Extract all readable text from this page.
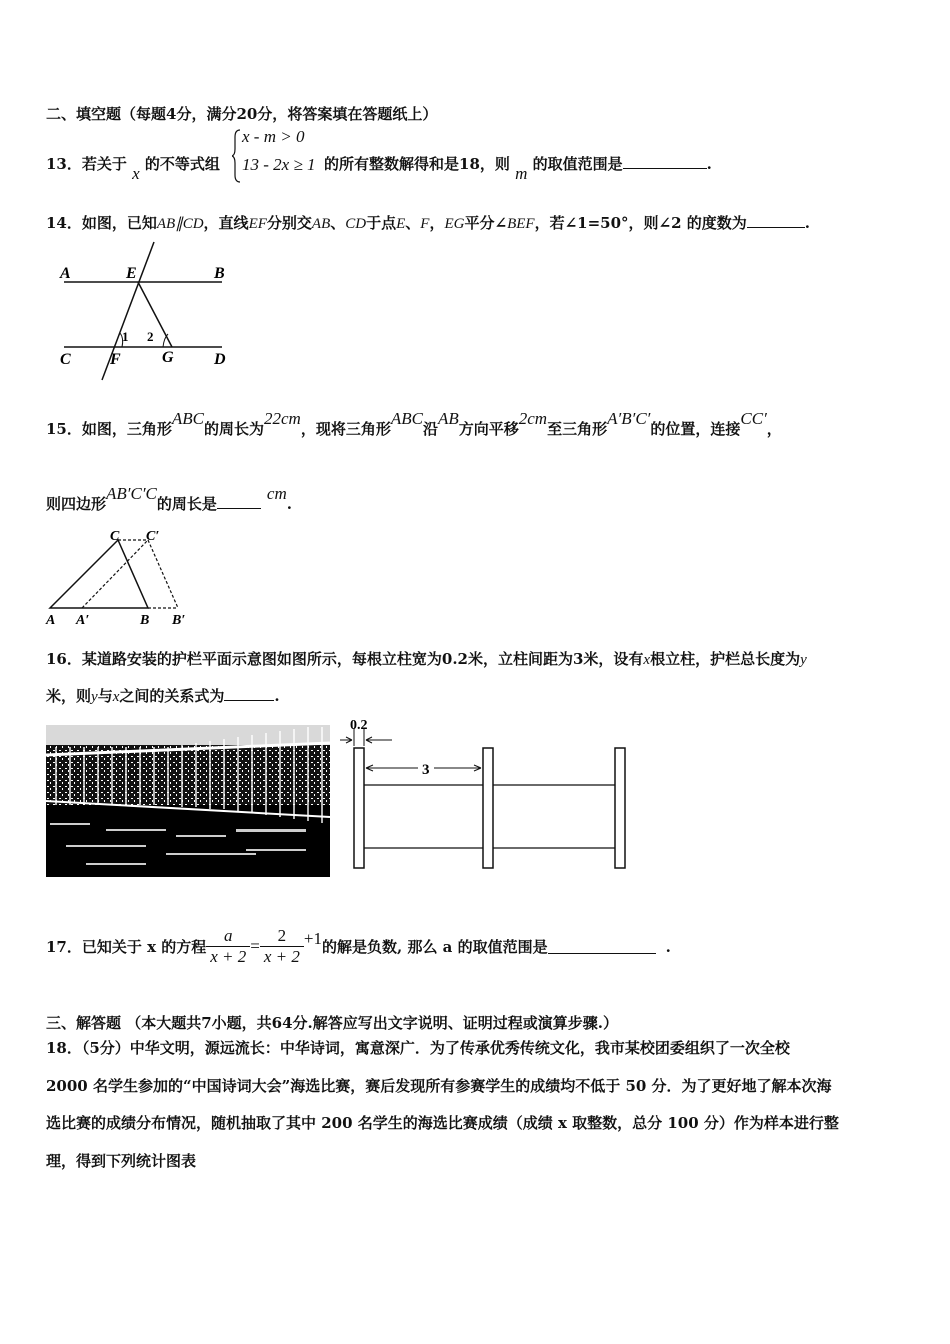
二、填空题（每题4分，满分20分，将答案填在答题纸上）
13．若关于 x 的不等式组
x - m > 0
13 - 2x ≥ 1 的所有整数解得和是18，则 m 的取值范围是	.
14．如图，已知AB∥CD，直线EF分别交AB、CD于点E、F，EG平分∠BEF，若∠1=50°，则∠2 的度数为	.
A	E	B
C F	G	D
1 2
15．如图，三角形ABC的周长为22cm，现将三角形ABC沿AB方向平移2cm至三角形A′B′C′的位置，连接CC′，
则四边形AB′C′C的周长是cm.
C C′
A A′	B B′
16．某道路安装的护栏平面示意图如图所示，每根立柱宽为0.2米，立柱间距为3米，设有x根立柱，护栏总长度为y
米，则y与x之间的关系式为	.
0.2
3
17．已知关于 x 的方程 $\frac{a}{x + 2} = \frac{2}{x + 2} +1$的解是负数, 那么 a 的取值范围是	.
三、解答题 （本大题共7小题，共64分.解答应写出文字说明、证明过程或演算步骤.）
18．（5分）中华文明，源远流长：中华诗词，寓意深广．为了传承优秀传统文化，我市某校团委组织了一次全校
2000 名学生参加的“中国诗词大会”海选比赛，赛后发现所有参赛学生的成绩均不低于 50 分．为了更好地了解本次海
选比赛的成绩分布情况，随机抽取了其中 200 名学生的海选比赛成绩（成绩 x 取整数，总分 100 分）作为样本进行整
理，得到下列统计图表
